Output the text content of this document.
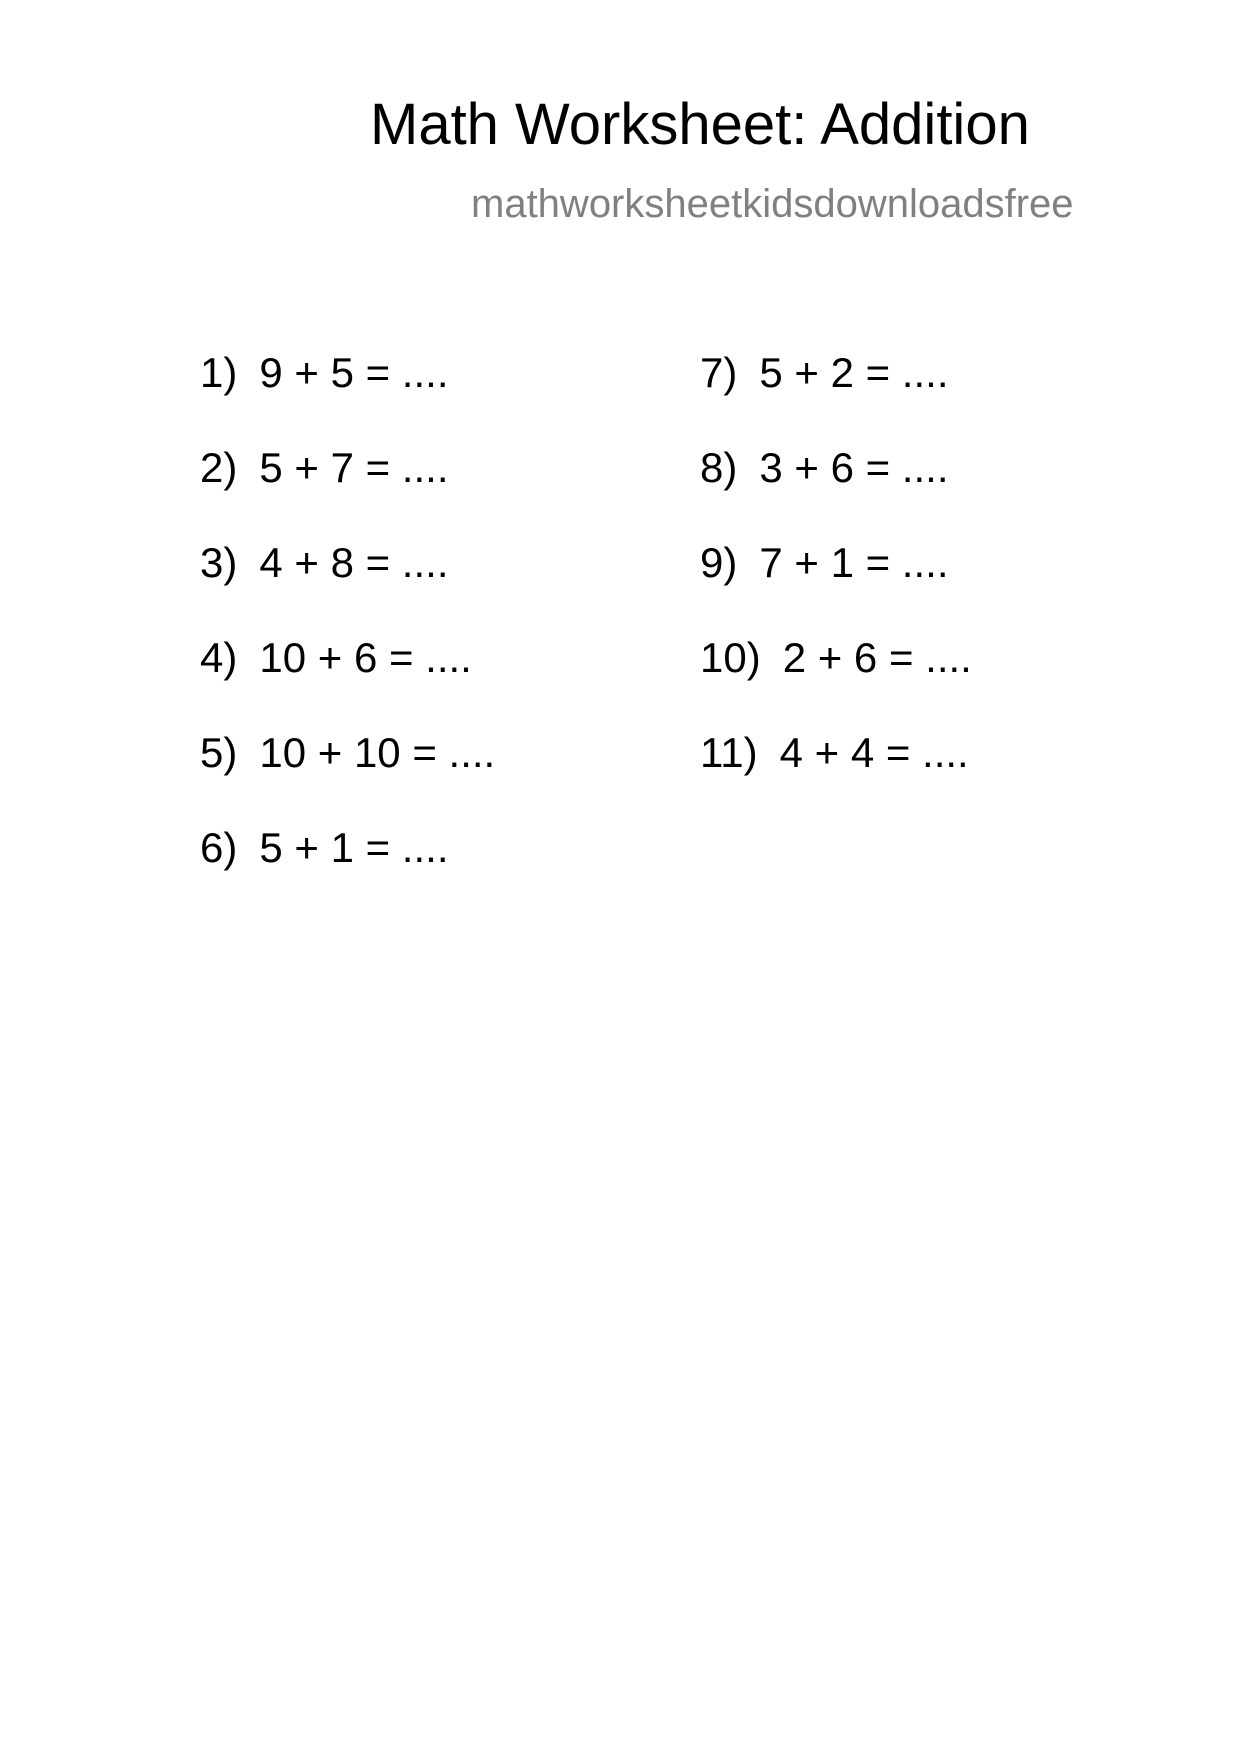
Math Worksheet: Addition
mathworksheetkidsdownloadsfree
1) 9 + 5 = ....
2) 5 + 7 = ....
3) 4 + 8 = ....
4) 10 + 6 = ....
5) 10 + 10 = ....
6) 5 + 1 = ....
7) 5 + 2 = ....
8) 3 + 6 = ....
9) 7 + 1 = ....
10) 2 + 6 = ....
11) 4 + 4 = ....
